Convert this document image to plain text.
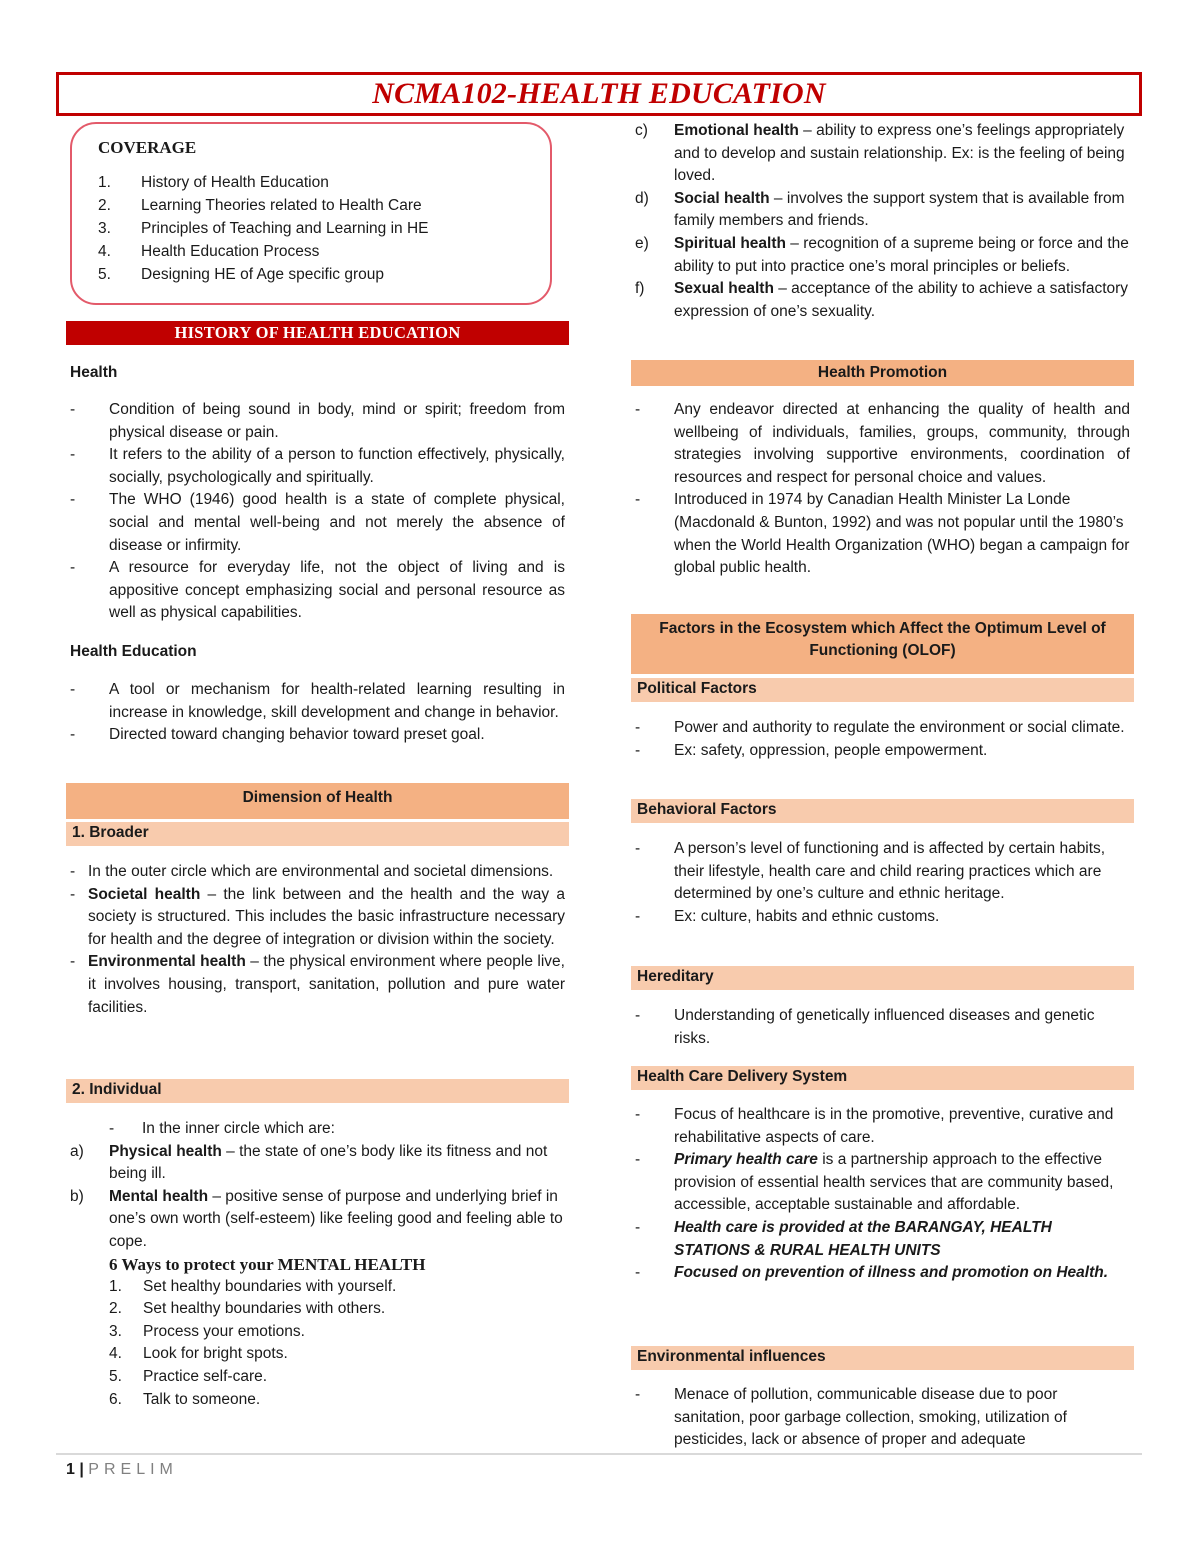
NCMA102-HEALTH EDUCATION
COVERAGE
1.	History of Health Education
2.	Learning Theories related to Health Care
3.	Principles of Teaching and Learning in HE
4.	Health Education Process
5.	Designing HE of Age specific group
HISTORY OF HEALTH EDUCATION
Health
-	Condition of being sound in body, mind or spirit; freedom from physical disease or pain.
-	It refers to the ability of a person to function effectively, physically, socially, psychologically and spiritually.
-	The WHO (1946) good health is a state of complete physical, social and mental well-being and not merely the absence of disease or infirmity.
-	A resource for everyday life, not the object of living and is appositive concept emphasizing social and personal resource as well as physical capabilities.
Health Education
-	A tool or mechanism for health-related learning resulting in increase in knowledge, skill development and change in behavior.
-	Directed toward changing behavior toward preset goal.
Dimension of Health
1. Broader
- In the outer circle which are environmental and societal dimensions.
- Societal health – the link between and the health and the way a society is structured. This includes the basic infrastructure necessary for health and the degree of integration or division within the society.
- Environmental health – the physical environment where people live, it involves housing, transport, sanitation, pollution and pure water facilities.
2. Individual
-	In the inner circle which are:
a)	Physical health – the state of one’s body like its fitness and not being ill.
b)	Mental health – positive sense of purpose and underlying brief in one’s own worth (self-esteem) like feeling good and feeling able to cope.
6 Ways to protect your MENTAL HEALTH
1.	Set healthy boundaries with yourself.
2.	Set healthy boundaries with others.
3.	Process your emotions.
4.	Look for bright spots.
5.	Practice self-care.
6.	Talk to someone.
c)	Emotional health – ability to express one’s feelings appropriately and to develop and sustain relationship. Ex: is the feeling of being loved.
d)	Social health – involves the support system that is available from family members and friends.
e)	Spiritual health – recognition of a supreme being or force and the ability to put into practice one’s moral principles or beliefs.
f)	Sexual health – acceptance of the ability to achieve a satisfactory expression of one’s sexuality.
Health Promotion
-	Any endeavor directed at enhancing the quality of health and wellbeing of individuals, families, groups, community, through strategies involving supportive environments, coordination of resources and respect for personal choice and values.
-	Introduced in 1974 by Canadian Health Minister La Londe (Macdonald & Bunton, 1992) and was not popular until the 1980’s when the World Health Organization (WHO) began a campaign for global public health.
Factors in the Ecosystem which Affect the Optimum Level of Functioning (OLOF)
Political Factors
-	Power and authority to regulate the environment or social climate.
-	Ex: safety, oppression, people empowerment.
Behavioral Factors
-	A person’s level of functioning and is affected by certain habits, their lifestyle, health care and child rearing practices which are determined by one’s culture and ethnic heritage.
-	Ex: culture, habits and ethnic customs.
Hereditary
-	Understanding of genetically influenced diseases and genetic risks.
Health Care Delivery System
-	Focus of healthcare is in the promotive, preventive, curative and rehabilitative aspects of care.
-	Primary health care is a partnership approach to the effective provision of essential health services that are community based, accessible, acceptable sustainable and affordable.
-	Health care is provided at the BARANGAY, HEALTH STATIONS & RURAL HEALTH UNITS
-	Focused on prevention of illness and promotion on Health.
Environmental influences
-	Menace of pollution, communicable disease due to poor sanitation, poor garbage collection, smoking, utilization of pesticides, lack or absence of proper and adequate
1 | PRELIM
